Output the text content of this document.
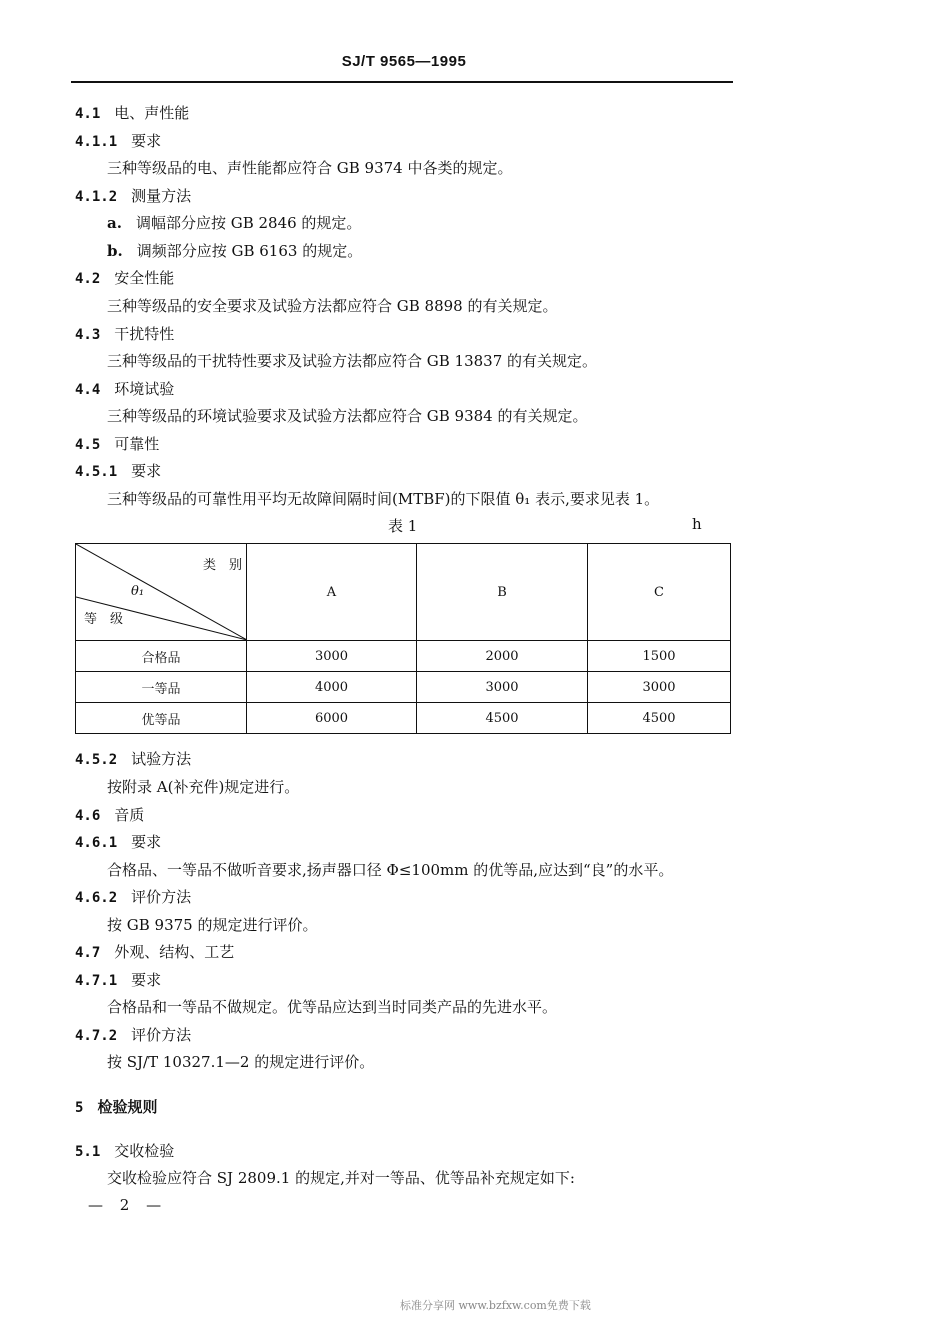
SJ/T 9565—1995
4.1 电、声性能
4.1.1 要求
三种等级品的电、声性能都应符合 GB 9374 中各类的规定。
4.1.2 测量方法
a. 调幅部分应按 GB 2846 的规定。
b. 调频部分应按 GB 6163 的规定。
4.2 安全性能
三种等级品的安全要求及试验方法都应符合 GB 8898 的有关规定。
4.3 干扰特性
三种等级品的干扰特性要求及试验方法都应符合 GB 13837 的有关规定。
4.4 环境试验
三种等级品的环境试验要求及试验方法都应符合 GB 9384 的有关规定。
4.5 可靠性
4.5.1 要求
三种等级品的可靠性用平均无故障间隔时间(MTBF)的下限值 θ₁ 表示,要求见表 1。
表 1	h
类　别
θ₁
等　级	A	B	C
合格品	3000	2000	1500
一等品	4000	3000	3000
优等品	6000	4500	4500
4.5.2 试验方法
按附录 A(补充件)规定进行。
4.6 音质
4.6.1 要求
合格品、一等品不做听音要求,扬声器口径 Φ≤100mm 的优等品,应达到“良”的水平。
4.6.2 评价方法
按 GB 9375 的规定进行评价。
4.7 外观、结构、工艺
4.7.1 要求
合格品和一等品不做规定。优等品应达到当时同类产品的先进水平。
4.7.2 评价方法
按 SJ/T 10327.1—2 的规定进行评价。
5 检验规则
5.1 交收检验
交收检验应符合 SJ 2809.1 的规定,并对一等品、优等品补充规定如下:
— 2 —
标准分享网 www.bzfxw.com免费下载
